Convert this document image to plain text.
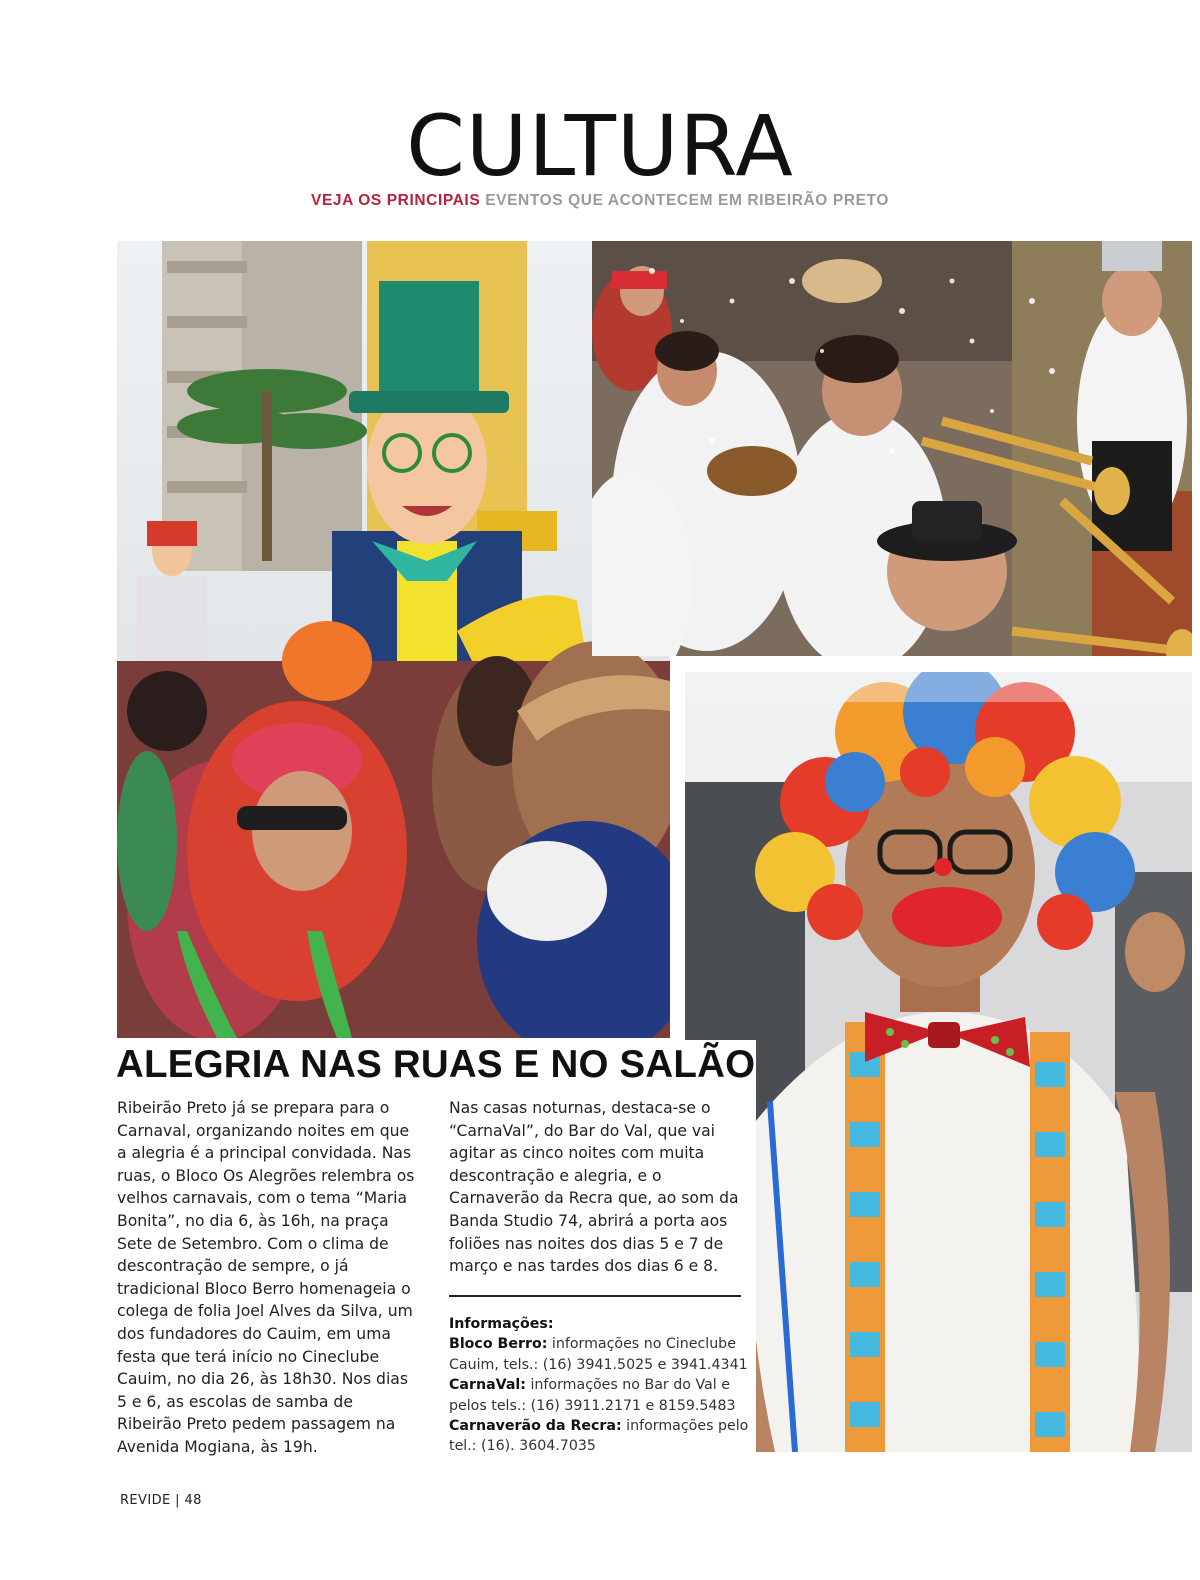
CULTURA
VEJA OS PRINCIPAIS EVENTOS QUE ACONTECEM EM RIBEIRÃO PRETO
ALEGRIA NAS RUAS E NO SALÃO
Ribeirão Preto já se prepara para o Carnaval, organizando noites em que a alegria é a principal convidada. Nas ruas, o Bloco Os Alegrões relembra os velhos carnavais, com o tema “Maria Bonita”, no dia 6, às 16h, na praça Sete de Setembro. Com o clima de descontração de sempre, o já tradicional Bloco Berro homenageia o colega de folia Joel Alves da Silva, um dos fundadores do Cauim, em uma festa que terá início no Cineclube Cauim, no dia 26, às 18h30. Nos dias 5 e 6, as escolas de samba de Ribeirão Preto pedem passagem na Avenida Mogiana, às 19h.
Nas casas noturnas, destaca-se o “CarnaVal”, do Bar do Val, que vai agitar as cinco noites com muita descontração e alegria, e o Carnaverão da Recra que, ao som da Banda Studio 74, abrirá a porta aos foliões nas noites dos dias 5 e 7 de março e nas tardes dos dias 6 e 8.
Informações:
Bloco Berro: informações no Cineclube Cauim, tels.: (16) 3941.5025 e 3941.4341
CarnaVal: informações no Bar do Val e pelos tels.: (16) 3911.2171 e 8159.5483
Carnaverão da Recra: informações pelo tel.: (16). 3604.7035
REVIDE | 48
